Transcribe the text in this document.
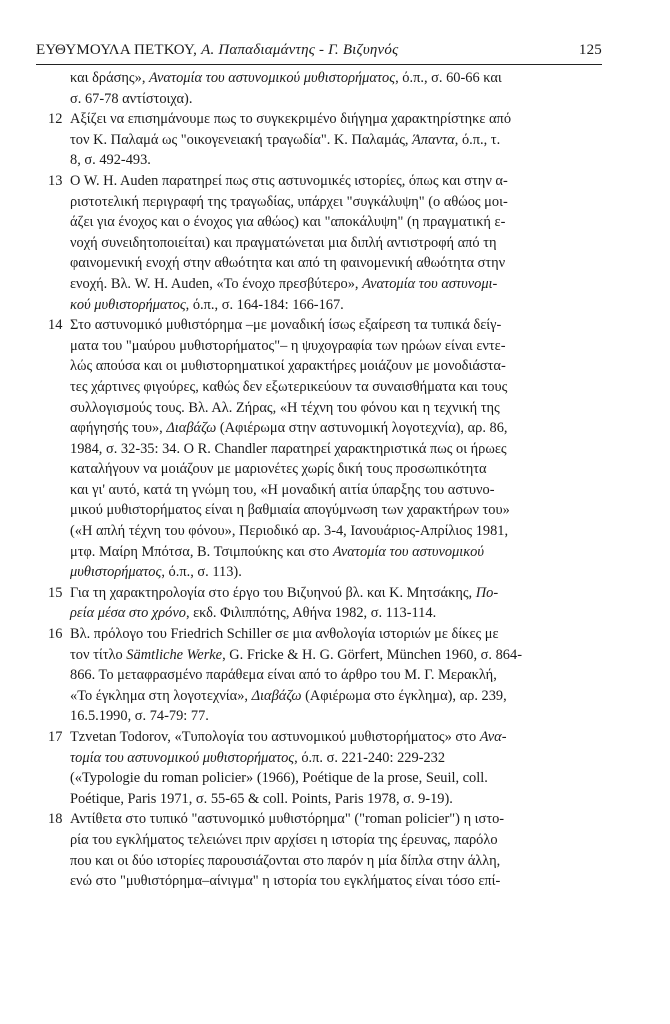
ΕΥΘΥΜΟΥΛΑ ΠΕΤΚΟΥ, Α. Παπαδιαμάντης - Γ. Βιζυηνός	125
και δράσης», Ανατομία του αστυνομικού μυθιστορήματος, ό.π., σ. 60-66 και
σ. 67-78 αντίστοιχα).
12 Αξίζει να επισημάνουμε πως το συγκεκριμένο διήγημα χαρακτηρίστηκε από
τον Κ. Παλαμά ως "οικογενειακή τραγωδία". Κ. Παλαμάς, Άπαντα, ό.π., τ.
8, σ. 492-493.
13 O W. H. Auden παρατηρεί πως στις αστυνομικές ιστορίες, όπως και στην α-
ριστοτελική περιγραφή της τραγωδίας, υπάρχει "συγκάλυψη" (ο αθώος μοι-
άζει για ένοχος και ο ένοχος για αθώος) και "αποκάλυψη" (η πραγματική ε-
νοχή συνειδητοποιείται) και πραγματώνεται μια διπλή αντιστροφή από τη
φαινομενική ενοχή στην αθωότητα και από τη φαινομενική αθωότητα στην
ενοχή. Βλ. W. H. Auden, «Το ένοχο πρεσβύτερο», Ανατομία του αστυνομι-
κού μυθιστορήματος, ό.π., σ. 164-184: 166-167.
14 Στο αστυνομικό μυθιστόρημα –με μοναδική ίσως εξαίρεση τα τυπικά δείγ-
ματα του "μαύρου μυθιστορήματος"– η ψυχογραφία των ηρώων είναι εντε-
λώς απούσα και οι μυθιστορηματικοί χαρακτήρες μοιάζουν με μονοδιάστα-
τες χάρτινες φιγούρες, καθώς δεν εξωτερικεύουν τα συναισθήματα και τους
συλλογισμούς τους. Βλ. Αλ. Ζήρας, «Η τέχνη του φόνου και η τεχνική της
αφήγησής του», Διαβάζω (Αφιέρωμα στην αστυνομική λογοτεχνία), αρ. 86,
1984, σ. 32-35: 34. O R. Chandler παρατηρεί χαρακτηριστικά πως οι ήρωες
καταλήγουν να μοιάζουν με μαριονέτες χωρίς δική τους προσωπικότητα
και γι' αυτό, κατά τη γνώμη του, «Η μοναδική αιτία ύπαρξης του αστυνο-
μικού μυθιστορήματος είναι η βαθμιαία απογύμνωση των χαρακτήρων του»
(«Η απλή τέχνη του φόνου», Περιοδικό αρ. 3-4, Ιανουάριος-Απρίλιος 1981,
μτφ. Μαίρη Μπότσα, Β. Τσιμπούκης και στο Ανατομία του αστυνομικού
μυθιστορήματος, ό.π., σ. 113).
15 Για τη χαρακτηρολογία στο έργο του Βιζυηνού βλ. και Κ. Μητσάκης, Πο-
ρεία μέσα στο χρόνο, εκδ. Φιλιππότης, Αθήνα 1982, σ. 113-114.
16 Βλ. πρόλογο του Friedrich Schiller σε μια ανθολογία ιστοριών με δίκες με
τον τίτλο Sämtliche Werke, G. Fricke & H. G. Görfert, München 1960, σ. 864-
866. Το μεταφρασμένο παράθεμα είναι από το άρθρο του Μ. Γ. Μερακλή,
«Το έγκλημα στη λογοτεχνία», Διαβάζω (Αφιέρωμα στο έγκλημα), αρ. 239,
16.5.1990, σ. 74-79: 77.
17 Tzvetan Todorov, «Τυπολογία του αστυνομικού μυθιστορήματος» στο Ανα-
τομία του αστυνομικού μυθιστορήματος, ό.π. σ. 221-240: 229-232
(«Typologie du roman policier» (1966), Poétique de la prose, Seuil, coll.
Poétique, Paris 1971, σ. 55-65 & coll. Points, Paris 1978, σ. 9-19).
18 Αντίθετα στο τυπικό "αστυνομικό μυθιστόρημα" ("roman policier") η ιστο-
ρία του εγκλήματος τελειώνει πριν αρχίσει η ιστορία της έρευνας, παρόλο
που και οι δύο ιστορίες παρουσιάζονται στο παρόν η μία δίπλα στην άλλη,
ενώ στο "μυθιστόρημα–αίνιγμα" η ιστορία του εγκλήματος είναι τόσο επί-
